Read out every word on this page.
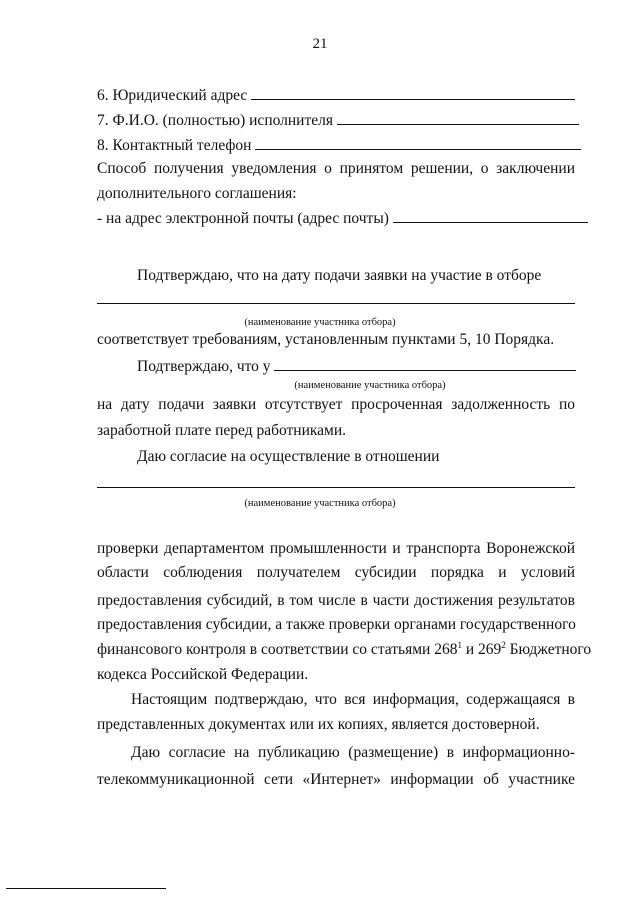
21
6. Юридический адрес
7. Ф.И.О. (полностью) исполнителя
8. Контактный телефон
Способ получения уведомления о принятом решении, о заключении
дополнительного соглашения:
- на адрес электронной почты (адрес почты)
Подтверждаю, что на дату подачи заявки на участие в отборе
(наименование участника отбора)
соответствует требованиям, установленным пунктами 5, 10 Порядка.
Подтверждаю, что у
(наименование участника отбора)
на дату подачи заявки отсутствует просроченная задолженность по
заработной плате перед работниками.
Даю согласие на осуществление в отношении
(наименование участника отбора)
проверки департаментом промышленности и транспорта Воронежской
области соблюдения получателем субсидии порядка и условий
предоставления субсидий, в том числе в части достижения результатов
предоставления субсидии, а также проверки органами государственного
финансового контроля в соответствии со статьями $268^1$ и $269^2$ Бюджетного
кодекса Российской Федерации.
Настоящим подтверждаю, что вся информация, содержащаяся в
представленных документах или их копиях, является достоверной.
Даю согласие на публикацию (размещение) в информационно-
телекоммуникационной сети «Интернет» информации об участнике
